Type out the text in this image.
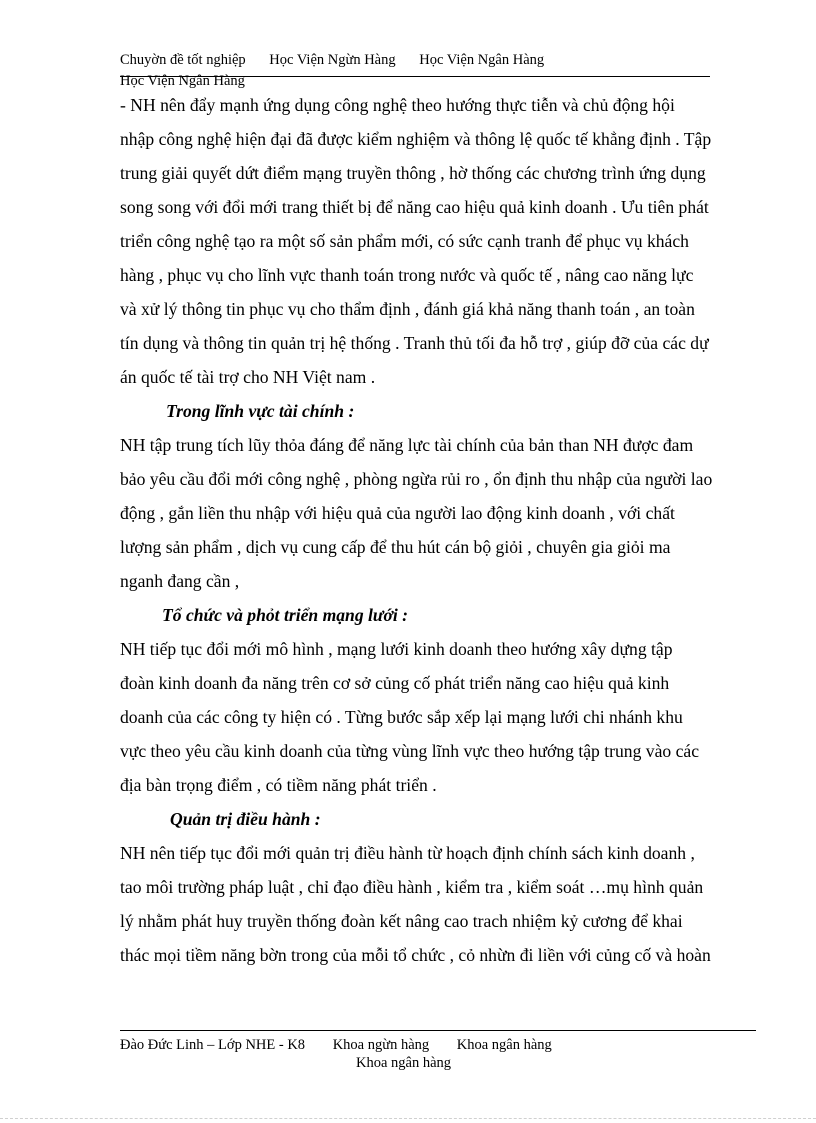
Chuyờn đề tốt nghiệp Học Viện Ngừn Hàng Học Viện Ngân Hàng
Học Viện Ngân Hàng
- NH nên đẩy mạnh ứng dụng công nghệ theo hướng thực tiễn và chủ động hội
nhập công nghệ hiện đại đã được kiểm nghiệm và thông lệ quốc tế khẳng định . Tập
trung giải quyết dứt điểm mạng truyền thông , hờ thống các chương trình ứng dụng
song song với đổi mới trang thiết bị để năng cao hiệu quả kinh doanh . Ưu tiên phát
triển công nghệ tạo ra một số sản phẩm mới, có sức cạnh tranh để phục vụ khách
hàng , phục vụ cho lĩnh vực thanh toán trong nước và quốc tế , nâng cao năng lực
và xử lý thông tin phục vụ cho thẩm định , đánh giá khả năng thanh toán , an toàn
tín dụng và thông tin quản trị hệ thống . Tranh thủ tối đa hỗ trợ , giúp đỡ của các dự
án quốc tế tài trợ cho NH Việt nam .
Trong lĩnh vực tài chính :
NH tập trung tích lũy thỏa đáng để năng lực tài chính của bản than NH được đam
bảo yêu cầu đổi mới công nghệ , phòng ngừa rủi ro , ổn định thu nhập của người lao
động , gắn liền thu nhập với hiệu quả của người lao động kinh doanh , với chất
lượng sản phẩm , dịch vụ cung cấp để thu hút cán bộ giỏi , chuyên gia giỏi ma
nganh đang cần ,
Tổ chức và phỏt triển mạng lưới :
NH tiếp tục đổi mới mô hình , mạng lưới kinh doanh theo hướng xây dựng tập
đoàn kinh doanh đa năng trên cơ sở củng cố phát triển năng cao hiệu quả kinh
doanh của các công ty hiện có . Từng bước sắp xếp lại mạng lưới chi nhánh khu
vực theo yêu cầu kinh doanh của từng vùng lĩnh vực theo hướng tập trung vào các
địa bàn trọng điểm , có tiềm năng phát triển .
Quản trị điều hành :
NH nên tiếp tục đổi mới quản trị điều hành từ hoạch định chính sách kinh doanh ,
tao môi trường pháp luật , chỉ đạo điều hành , kiểm tra , kiểm soát …mụ hình quản
lý nhằm phát huy truyền thống đoàn kết nâng cao trach nhiệm kỷ cương để khai
thác mọi tiềm năng bờn trong của mỗi tổ chức , cỏ nhừn đi liền với củng cố và hoàn
Đào Đức Linh – Lớp NHE - K8 Khoa ngừn hàng Khoa ngân hàng
Khoa ngân hàng
